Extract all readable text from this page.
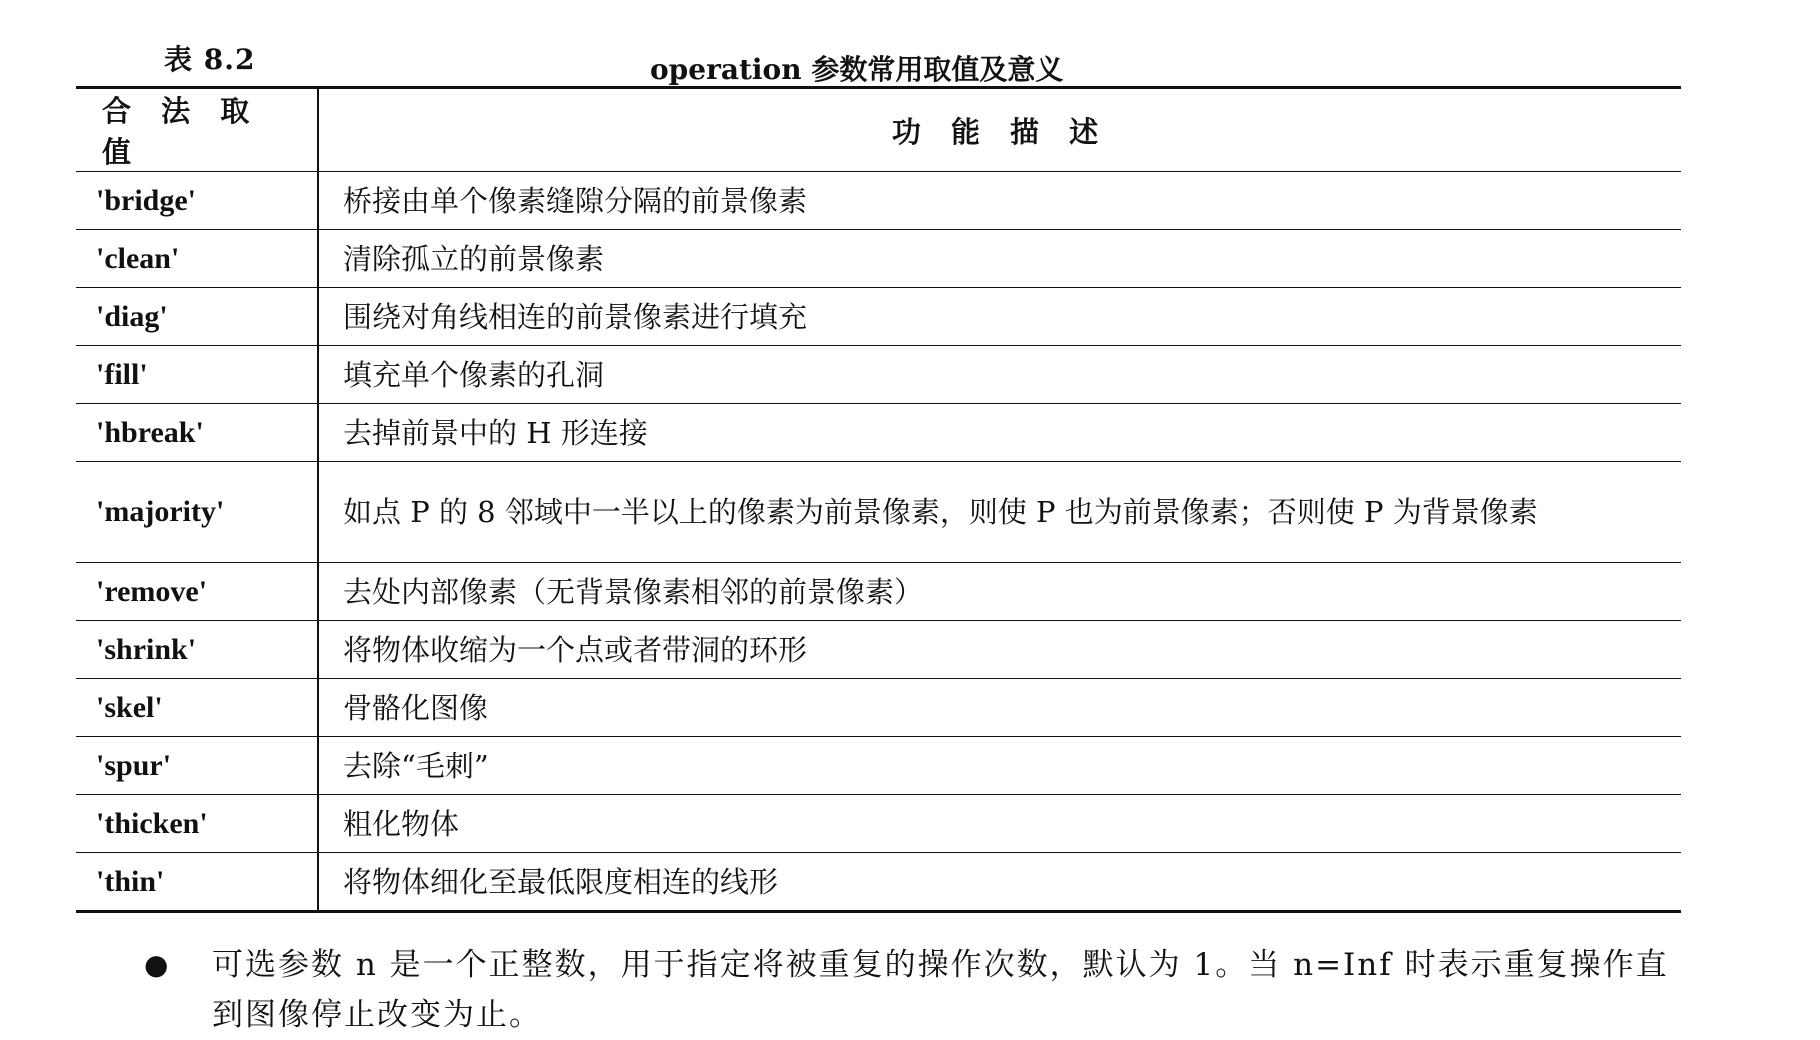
表 8.2	operation 参数常用取值及意义
合 法 取 值	功 能 描 述
'bridge'	桥接由单个像素缝隙分隔的前景像素
'clean'	清除孤立的前景像素
'diag'	围绕对角线相连的前景像素进行填充
'fill'	填充单个像素的孔洞
'hbreak'	去掉前景中的 H 形连接
'majority'	如点 P 的 8 邻域中一半以上的像素为前景像素，则使 P 也为前景像素；否则使 P 为背景像素
'remove'	去处内部像素（无背景像素相邻的前景像素）
'shrink'	将物体收缩为一个点或者带洞的环形
'skel'	骨骼化图像
'spur'	去除“毛刺”
'thicken'	粗化物体
'thin'	将物体细化至最低限度相连的线形
● 可选参数 n 是一个正整数，用于指定将被重复的操作次数，默认为 1。当 n=Inf 时表示重复操作直到图像停止改变为止。
